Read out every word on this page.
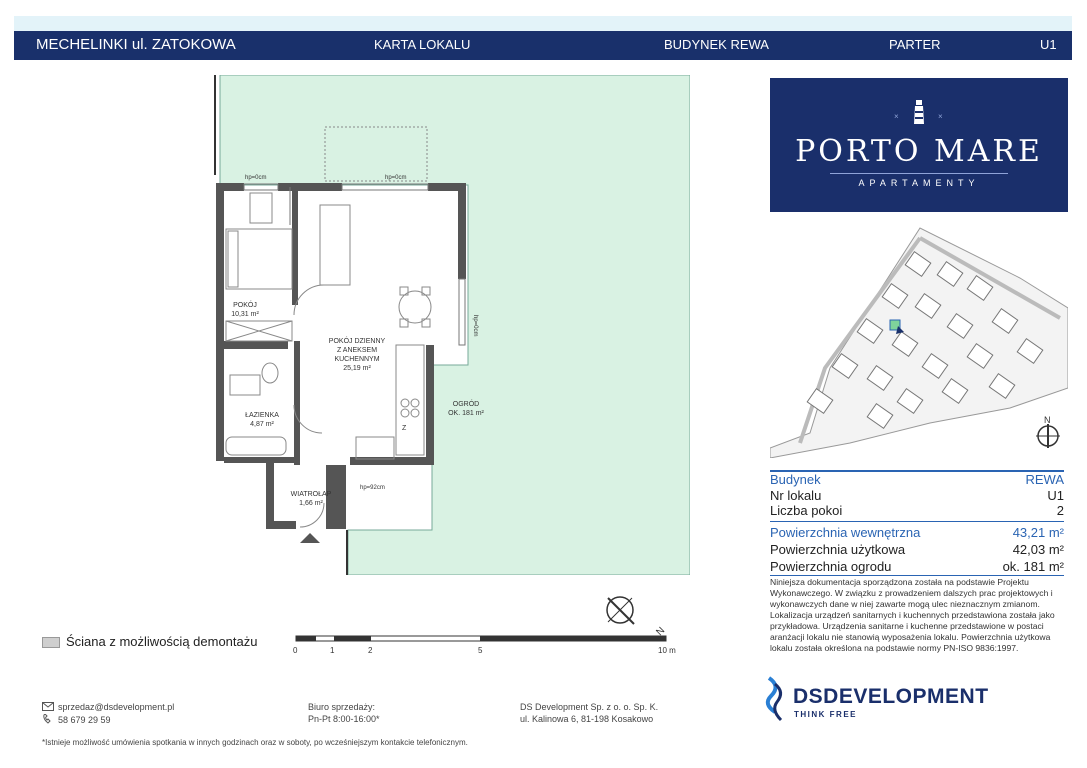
MECHELINKI ul. ZATOKOWA	KARTA LOKALU	BUDYNEK REWA	PARTER	U1
POKÓJ
10,31 m²
POKÓJ DZIENNY
Z ANEKSEM
KUCHENNYM
25,19 m²
ŁAZIENKA
4,87 m²
WIATROŁAP
1,66 m²
OGRÓD
OK. 181 m²
hp=0cm	hp=0cm
hp=0cm
hp=92cm
Z
×	×
PORTO MARE
APARTAMENTY
N
Budynek	REWA
Nr lokalu	U1
Liczba pokoi	2
Powierzchnia wewnętrzna	43,21 m²
Powierzchnia użytkowa	42,03 m²
Powierzchnia ogrodu	ok. 181 m²
Niniejsza dokumentacja sporządzona została na podstawie Projektu Wykonawczego. W związku z prowadzeniem dalszych prac projektowych i wykonawczych dane w niej zawarte mogą ulec nieznacznym zmianom. Lokalizacja urządzeń sanitarnych i kuchennych przedstawiona została jako przykładowa. Urządzenia sanitarne i kuchenne przedstawione w postaci aranżacji lokalu nie stanowią wyposażenia lokalu. Powierzchnia użytkowa lokalu została określona na podstawie normy PN-ISO 9836:1997.
Ściana z możliwością demontażu
0	1	2	5	10 m
N
sprzedaz@dsdevelopment.pl
58 679 29 59
Biuro sprzedaży:
Pn-Pt 8:00-16:00*
DS Development Sp. z o. o. Sp. K.
ul. Kalinowa 6, 81-198 Kosakowo
*Istnieje możliwość umówienia spotkania w innych godzinach oraz w soboty, po wcześniejszym kontakcie telefonicznym.
DSDEVELOPMENT
THINK FREE
